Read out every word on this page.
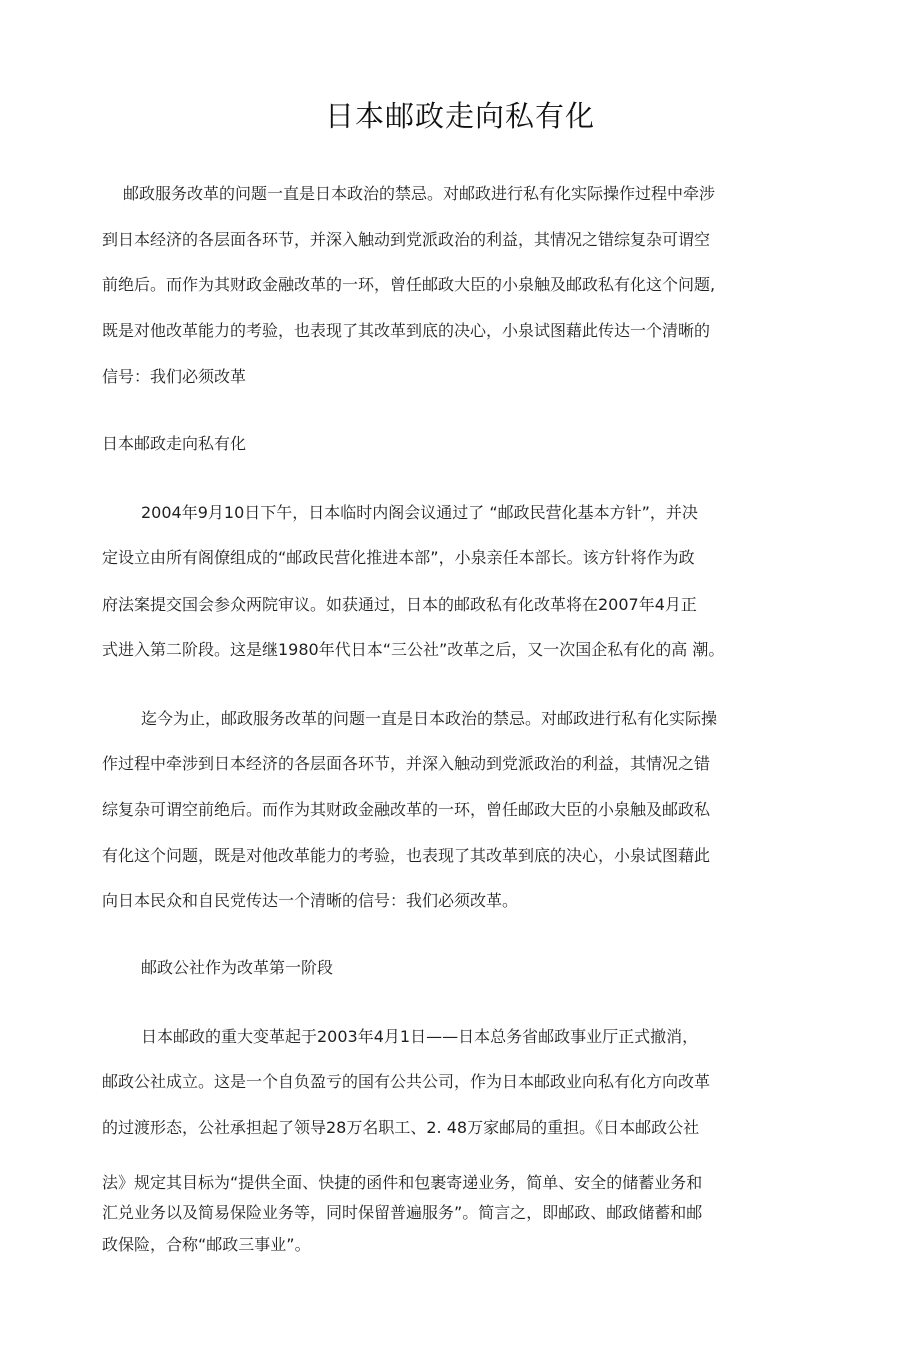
日本邮政走向私有化
邮政服务改革的问题一直是日本政治的禁忌。对邮政进行私有化实际操作过程中牵涉
到日本经济的各层面各环节，并深入触动到党派政治的利益，其情况之错综复杂可谓空
前绝后。而作为其财政金融改革的一环，曾任邮政大臣的小泉触及邮政私有化这个问题,
既是对他改革能力的考验，也表现了其改革到底的决心，小泉试图藉此传达一个清晰的
信号：我们必须改革
日本邮政走向私有化
2004年9月10日下午，日本临时内阁会议通过了 “邮政民营化基本方针”，并决
定设立由所有阁僚组成的“邮政民营化推进本部”，小泉亲任本部长。该方针将作为政
府法案提交国会参众两院审议。如获通过，日本的邮政私有化改革将在2007年4月正
式进入第二阶段。这是继1980年代日本“三公社”改革之后，又一次国企私有化的高 潮。
迄今为止，邮政服务改革的问题一直是日本政治的禁忌。对邮政进行私有化实际操
作过程中牵涉到日本经济的各层面各环节，并深入触动到党派政治的利益，其情况之错
综复杂可谓空前绝后。而作为其财政金融改革的一环，曾任邮政大臣的小泉触及邮政私
有化这个问题，既是对他改革能力的考验，也表现了其改革到底的决心，小泉试图藉此
向日本民众和自民党传达一个清晰的信号：我们必须改革。
邮政公社作为改革第一阶段
日本邮政的重大变革起于2003年4月1日——日本总务省邮政事业厅正式撤消，
邮政公社成立。这是一个自负盈亏的国有公共公司，作为日本邮政业向私有化方向改革
的过渡形态，公社承担起了领导28万名职工、2. 48万家邮局的重担。《日本邮政公社
法》规定其目标为“提供全面、快捷的函件和包裹寄递业务，简单、安全的储蓄业务和
汇兑业务以及简易保险业务等，同时保留普遍服务”。简言之，即邮政、邮政储蓄和邮
政保险，合称“邮政三事业”。
